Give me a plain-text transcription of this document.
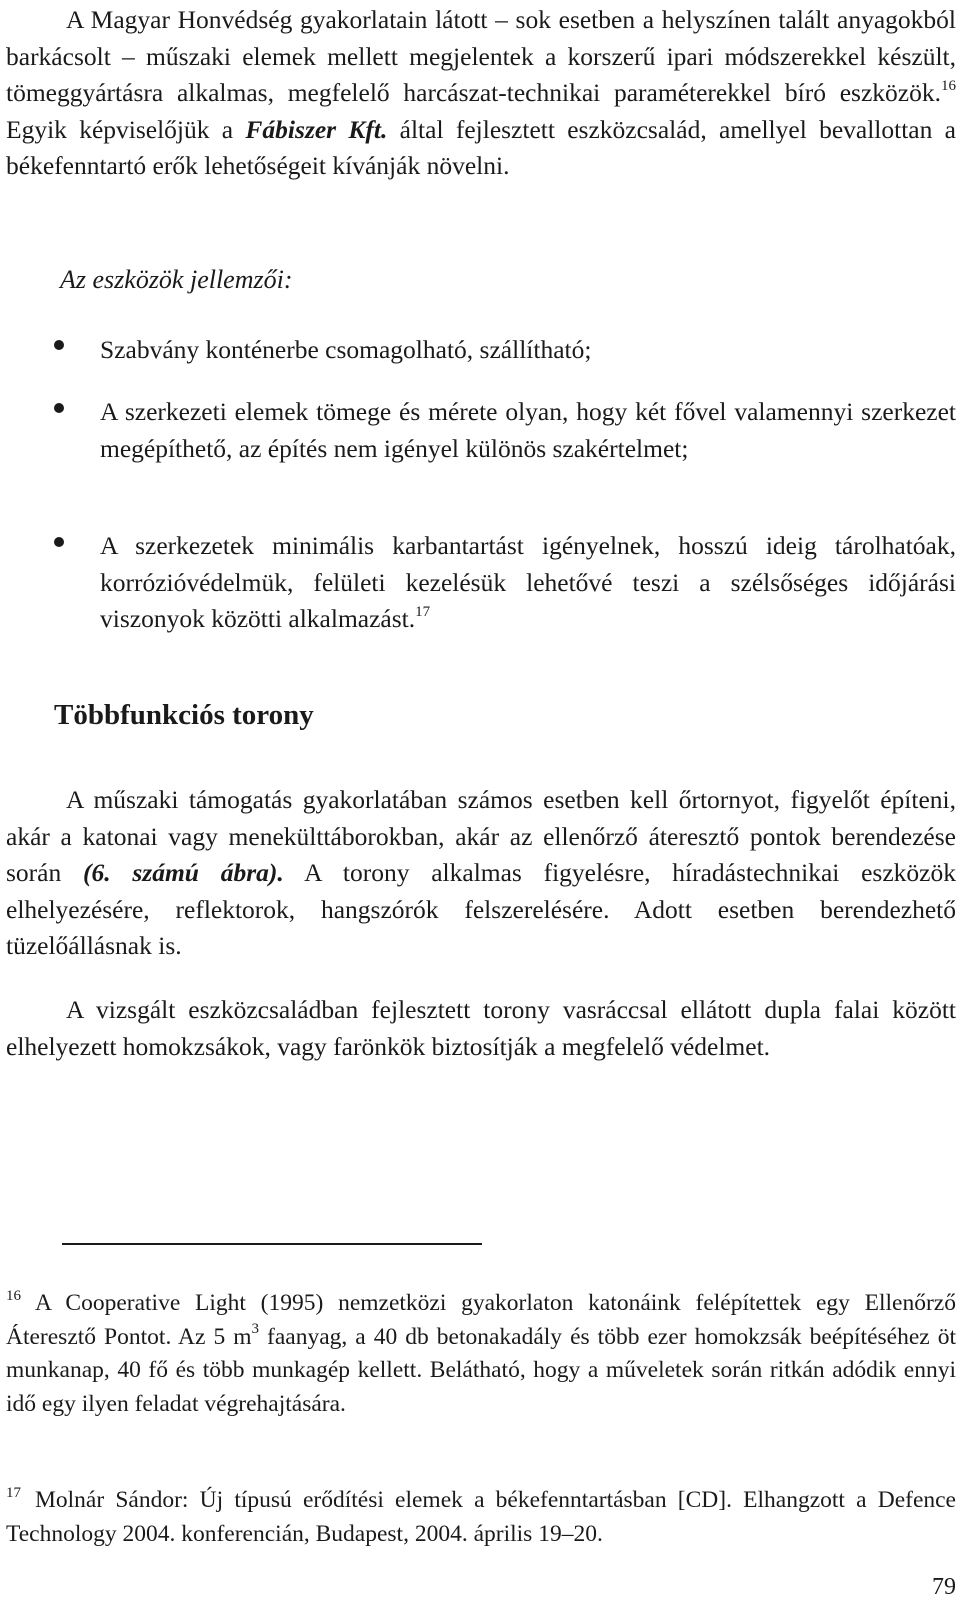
A Magyar Honvédség gyakorlatain látott – sok esetben a helyszínen talált anyagokból barkácsolt – műszaki elemek mellett megjelentek a korszerű ipari módszerekkel készült, tömeggyártásra alkalmas, megfelelő harcászat-technikai paraméterekkel bíró eszközök.$^{16}$ Egyik képviselőjük a Fábiszer Kft. által fejlesztett eszközcsalád, amellyel bevallottan a békefenntartó erők lehetőségeit kívánják növelni.

Az eszközök jellemzői:

Szabvány konténerbe csomagolható, szállítható;

A szerkezeti elemek tömege és mérete olyan, hogy két fővel valamennyi szerkezet megépíthető, az építés nem igényel különös szakértelmet;

A szerkezetek minimális karbantartást igényelnek, hosszú ideig tárolhatóak, korrózióvédelmük, felületi kezelésük lehetővé teszi a szélsőséges időjárási viszonyok közötti alkalmazást.$^{17}$

Többfunkciós torony

A műszaki támogatás gyakorlatában számos esetben kell őrtornyot, figyelőt építeni, akár a katonai vagy menekülttáborokban, akár az ellenőrző áteresztő pontok berendezése során (6. számú ábra). A torony alkalmas figyelésre, híradástechnikai eszközök elhelyezésére, reflektorok, hangszórók felszerelésére. Adott esetben berendezhető tüzelőállásnak is.

A vizsgált eszközcsaládban fejlesztett torony vasráccsal ellátott dupla falai között elhelyezett homokzsákok, vagy farönkök biztosítják a megfelelő védelmet.

$^{16}$ A Cooperative Light (1995) nemzetközi gyakorlaton katonáink felépítettek egy Ellenőrző Áteresztő Pontot. Az 5 $m^3$ faanyag, a 40 db betonakadály és több ezer homokzsák beépítéséhez öt munkanap, 40 fő és több munkagép kellett. Belátható, hogy a műveletek során ritkán adódik ennyi idő egy ilyen feladat végrehajtására.

$^{17}$ Molnár Sándor: Új típusú erődítési elemek a békefenntartásban [CD]. Elhangzott a Defence Technology 2004. konferencián, Budapest, 2004. április 19–20.

79
